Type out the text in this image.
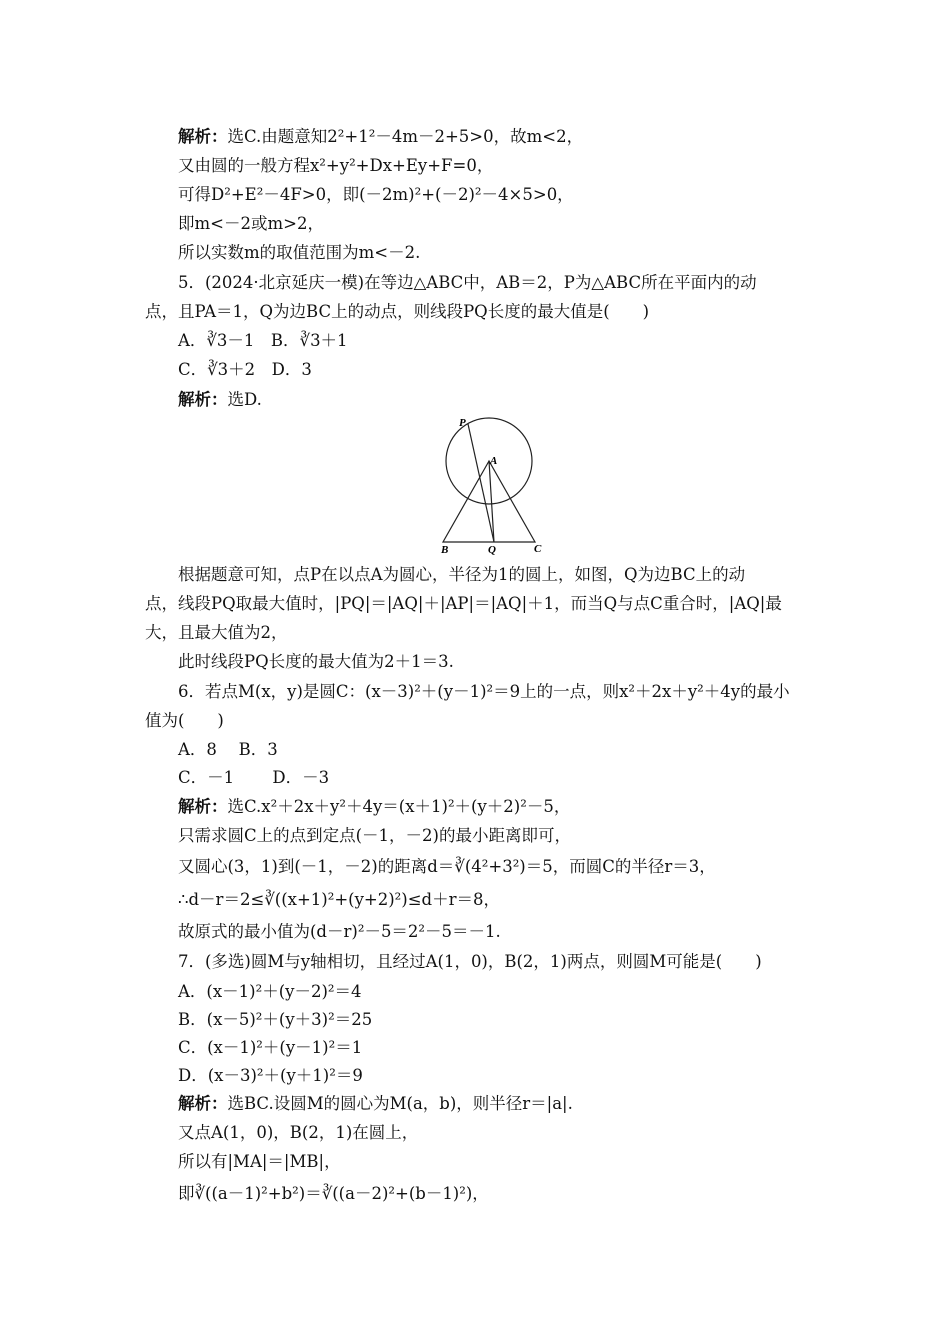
解析：选C.由题意知2²+1²－4m－2+5>0，故m<2，
又由圆的一般方程x²+y²+Dx+Ey+F=0，
可得D²+E²－4F>0，即(－2m)²+(－2)²－4×5>0，
即m<－2或m>2，
所以实数m的取值范围为m<－2.
5．(2024·北京延庆一模)在等边△ABC中，AB＝2，P为△ABC所在平面内的动
点，且PA＝1，Q为边BC上的动点，则线段PQ长度的最大值是(　　)
A．∛3－1　B．∛3＋1
C．∛3＋2　D．3
解析：选D.
P
A
B	Q	C
根据题意可知，点P在以点A为圆心，半径为1的圆上，如图，Q为边BC上的动
点，线段PQ取最大值时，|PQ|＝|AQ|＋|AP|＝|AQ|＋1，而当Q与点C重合时，|AQ|最
大，且最大值为2，
此时线段PQ长度的最大值为2＋1＝3.
6．若点M(x，y)是圆C：(x－3)²＋(y－1)²＝9上的一点，则x²＋2x＋y²＋4y的最小
值为(　　)
A．8　 B．3
C．－1　　 D．－3
解析：选C.x²＋2x＋y²＋4y＝(x＋1)²＋(y＋2)²－5，
只需求圆C上的点到定点(－1，－2)的最小距离即可，
又圆心(3，1)到(－1，－2)的距离d＝∛(4²+3²)＝5，而圆C的半径r＝3，
∴d－r＝2≤∛((x+1)²+(y+2)²)≤d＋r＝8，
故原式的最小值为(d－r)²－5＝2²－5＝－1.
7．(多选)圆M与y轴相切，且经过A(1，0)，B(2，1)两点，则圆M可能是(　　)
A．(x－1)²＋(y－2)²＝4
B．(x－5)²＋(y＋3)²＝25
C．(x－1)²＋(y－1)²＝1
D．(x－3)²＋(y＋1)²＝9
解析：选BC.设圆M的圆心为M(a，b)，则半径r＝|a|.
又点A(1，0)，B(2，1)在圆上，
所以有|MA|＝|MB|，
即∛((a－1)²+b²)＝∛((a－2)²+(b－1)²)，
